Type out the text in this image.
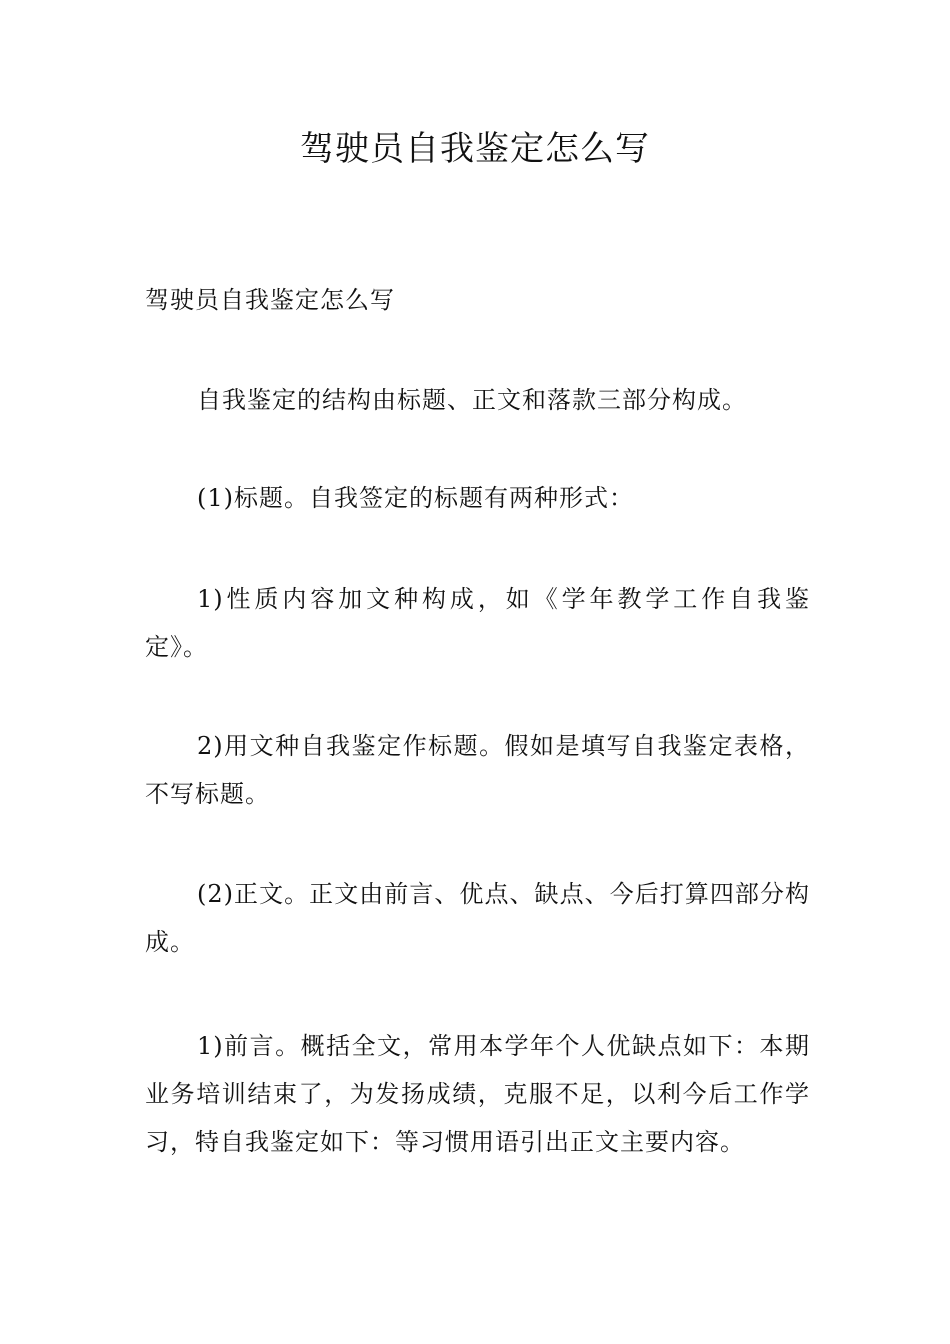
驾驶员自我鉴定怎么写

驾驶员自我鉴定怎么写

自我鉴定的结构由标题、正文和落款三部分构成。

(1)标题。自我签定的标题有两种形式：

1)性质内容加文种构成，如《学年教学工作自我鉴定》。

2)用文种自我鉴定作标题。假如是填写自我鉴定表格，不写标题。

(2)正文。正文由前言、优点、缺点、今后打算四部分构成。

1)前言。概括全文，常用本学年个人优缺点如下：本期业务培训结束了，为发扬成绩，克服不足，以利今后工作学习，特自我鉴定如下：等习惯用语引出正文主要内容。
